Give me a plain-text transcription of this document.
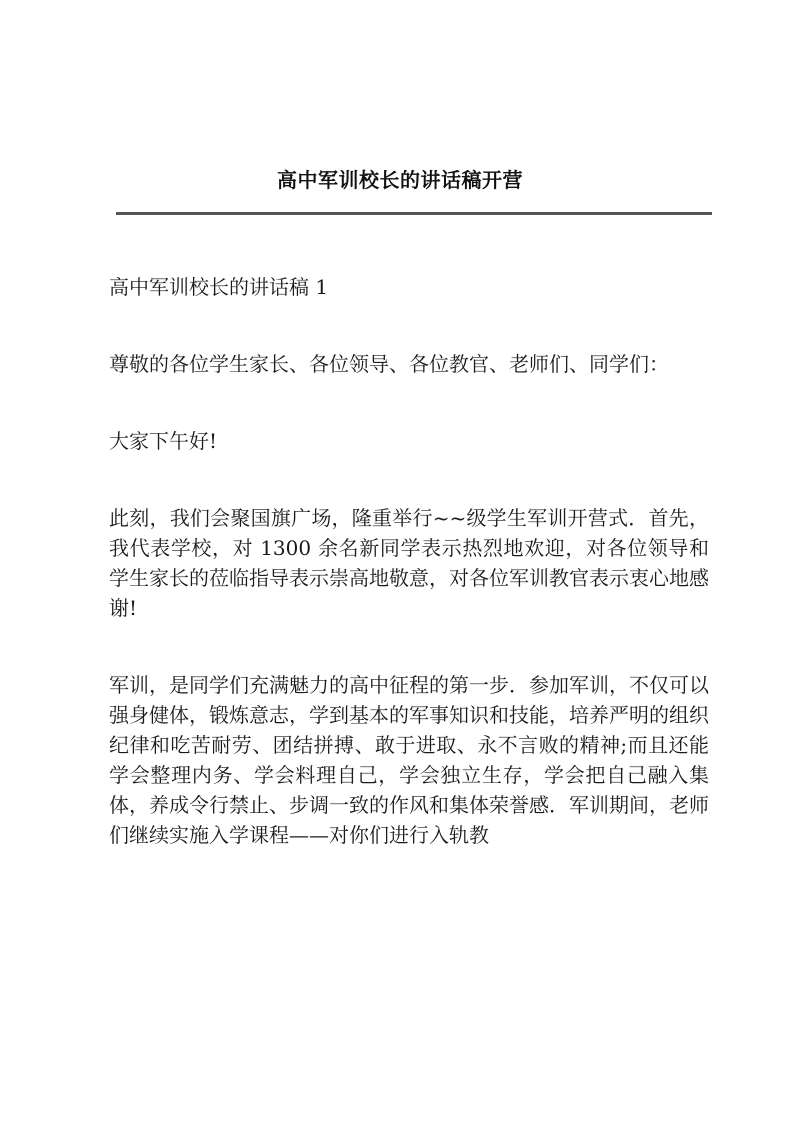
高中军训校长的讲话稿开营

高中军训校长的讲话稿 1

尊敬的各位学生家长、各位领导、各位教官、老师们、同学们：

大家下午好!

此刻，我们会聚国旗广场，隆重举行~~级学生军训开营式．首先，我代表学校，对 1300 余名新同学表示热烈地欢迎，对各位领导和学生家长的莅临指导表示崇高地敬意，对各位军训教官表示衷心地感谢!

军训，是同学们充满魅力的高中征程的第一步．参加军训，不仅可以强身健体，锻炼意志，学到基本的军事知识和技能，培养严明的组织纪律和吃苦耐劳、团结拼搏、敢于进取、永不言败的精神;而且还能学会整理内务、学会料理自己，学会独立生存，学会把自己融入集体，养成令行禁止、步调一致的作风和集体荣誉感．军训期间，老师们继续实施入学课程——对你们进行入轨教
